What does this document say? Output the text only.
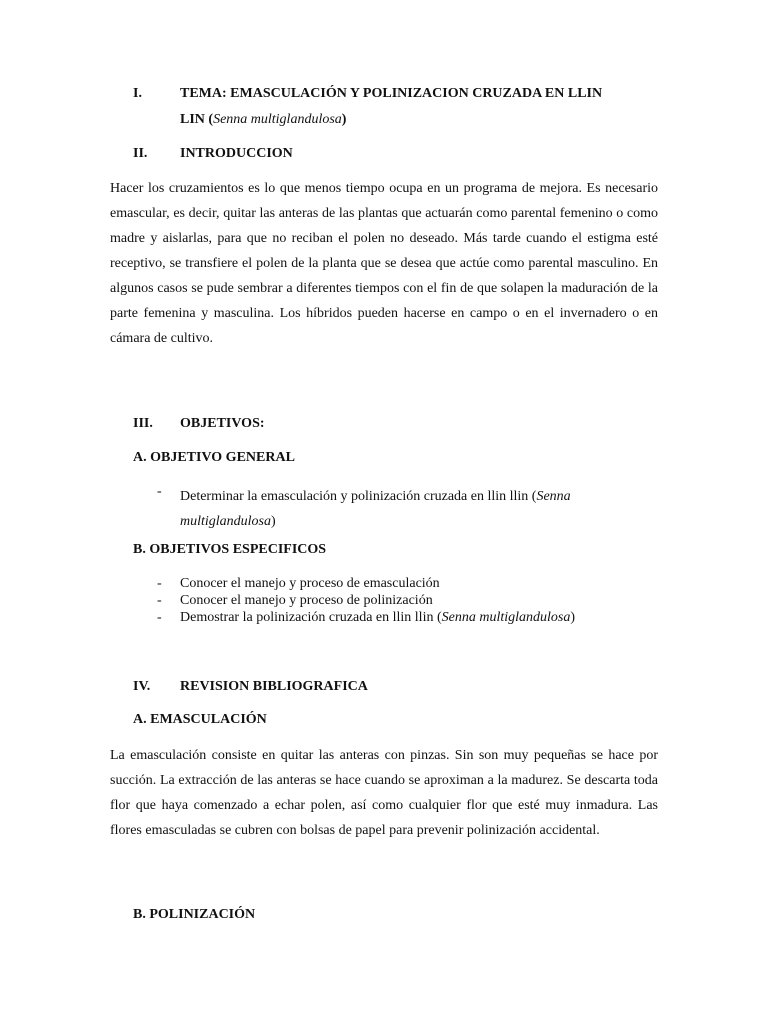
I.	TEMA: EMASCULACIÓN Y POLINIZACION CRUZADA EN LLIN
LIN (Senna multiglandulosa)
II. INTRODUCCION

Hacer los cruzamientos es lo que menos tiempo ocupa en un programa de mejora. Es necesario emascular, es decir, quitar las anteras de las plantas que actuarán como parental femenino o como madre y aislarlas, para que no reciban el polen no deseado. Más tarde cuando el estigma esté receptivo, se transfiere el polen de la planta que se desea que actúe como parental masculino. En algunos casos se pude sembrar a diferentes tiempos con el fin de que solapen la maduración de la parte femenina y masculina. Los híbridos pueden hacerse en campo o en el invernadero o en cámara de cultivo.

III. OBJETIVOS:
A. OBJETIVO GENERAL
- Determinar la emasculación y polinización cruzada en llin llin (Senna
multiglandulosa)
B. OBJETIVOS ESPECIFICOS
- Conocer el manejo y proceso de emasculación
- Conocer el manejo y proceso de polinización
- Demostrar la polinización cruzada en llin llin (Senna multiglandulosa)
IV. REVISION BIBLIOGRAFICA
A. EMASCULACIÓN

La emasculación consiste en quitar las anteras con pinzas. Sin son muy pequeñas se hace por succión. La extracción de las anteras se hace cuando se aproximan a la madurez. Se descarta toda flor que haya comenzado a echar polen, así como cualquier flor que esté muy inmadura. Las flores emasculadas se cubren con bolsas de papel para prevenir polinización accidental.

B. POLINIZACIÓN
